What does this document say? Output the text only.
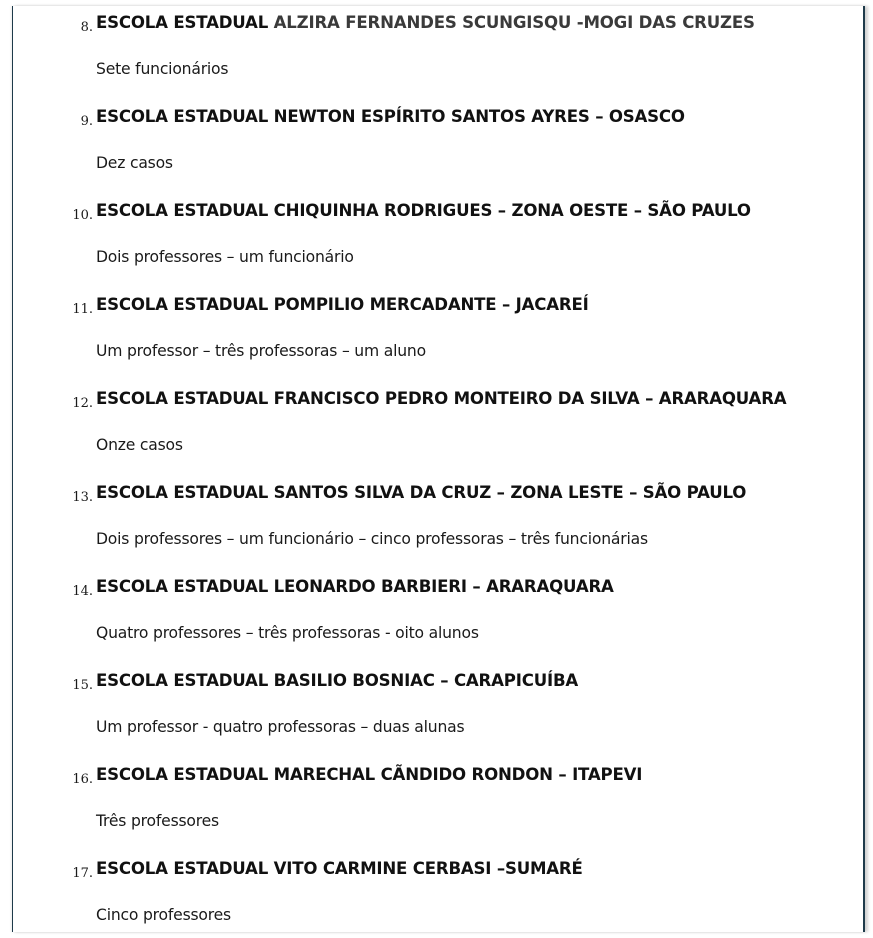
8. ESCOLA ESTADUAL ALZIRA FERNANDES SCUNGISQU -MOGI DAS CRUZES
Sete funcionários
9. ESCOLA ESTADUAL NEWTON ESPÍRITO SANTOS AYRES – OSASCO
Dez casos
10. ESCOLA ESTADUAL CHIQUINHA RODRIGUES – ZONA OESTE – SÃO PAULO
Dois professores – um funcionário
11. ESCOLA ESTADUAL POMPILIO MERCADANTE – JACAREÍ
Um professor – três professoras – um aluno
12. ESCOLA ESTADUAL FRANCISCO PEDRO MONTEIRO DA SILVA – ARARAQUARA
Onze casos
13. ESCOLA ESTADUAL SANTOS SILVA DA CRUZ – ZONA LESTE – SÃO PAULO
Dois professores – um funcionário – cinco professoras – três funcionárias
14. ESCOLA ESTADUAL LEONARDO BARBIERI – ARARAQUARA
Quatro professores – três professoras - oito alunos
15. ESCOLA ESTADUAL BASILIO BOSNIAC – CARAPICUÍBA
Um professor - quatro professoras – duas alunas
16. ESCOLA ESTADUAL MARECHAL CÃNDIDO RONDON – ITAPEVI
Três professores
17. ESCOLA ESTADUAL VITO CARMINE CERBASI –SUMARÉ
Cinco professores
